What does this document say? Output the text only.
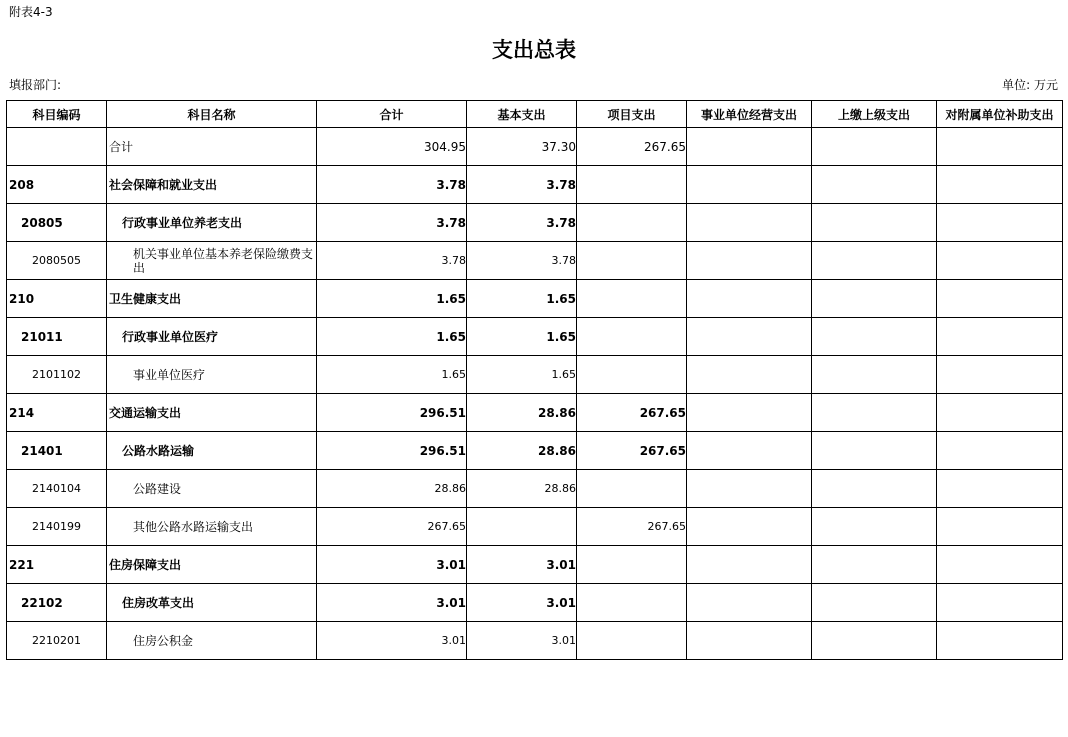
附表4-3
支出总表
填报部门:	单位: 万元
科目编码	科目名称	合计	基本支出	项目支出	事业单位经营支出	上缴上级支出	对附属单位补助支出
	合计	304.95	37.30	267.65			
208	社会保障和就业支出	3.78	3.78				
20805	行政事业单位养老支出	3.78	3.78				
2080505	机关事业单位基本养老保险缴费支出	3.78	3.78				
210	卫生健康支出	1.65	1.65				
21011	行政事业单位医疗	1.65	1.65				
2101102	事业单位医疗	1.65	1.65				
214	交通运输支出	296.51	28.86	267.65			
21401	公路水路运输	296.51	28.86	267.65			
2140104	公路建设	28.86	28.86				
2140199	其他公路水路运输支出	267.65		267.65			
221	住房保障支出	3.01	3.01				
22102	住房改革支出	3.01	3.01				
2210201	住房公积金	3.01	3.01				
